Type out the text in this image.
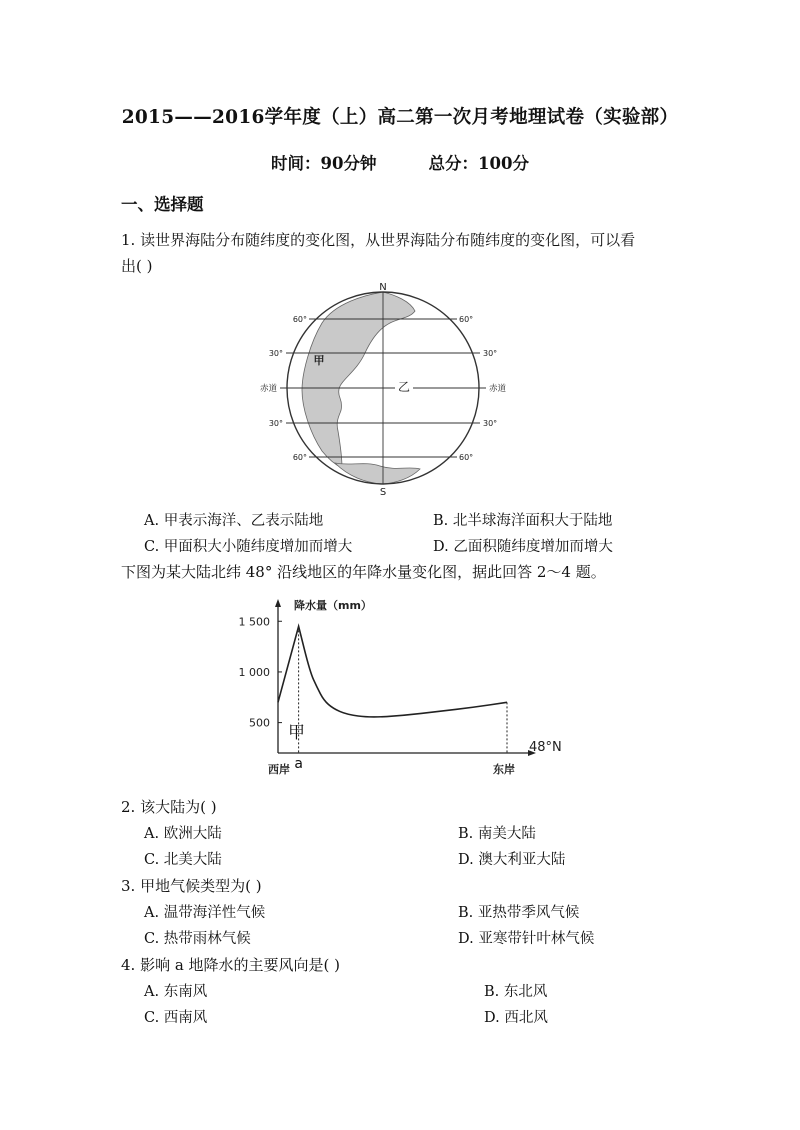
2015——2016学年度（上）高二第一次月考地理试卷（实验部）
时间：90分钟	总分：100分
一、选择题
1. 读世界海陆分布随纬度的变化图，从世界海陆分布随纬度的变化图，可以看
出( )
N
S
60°	60°
30°	30°
赤道	赤道
30°	30°
60°	60°
甲
乙
A. 甲表示海洋、乙表示陆地	B. 北半球海洋面积大于陆地
C. 甲面积大小随纬度增加而增大	D. 乙面积随纬度增加而增大
下图为某大陆北纬 48° 沿线地区的年降水量变化图，据此回答 2～4 题。
降水量（mm）
1 500
1 000
500 甲
a
西岸	东岸
48°N
2. 该大陆为( )
A. 欧洲大陆	B. 南美大陆
C. 北美大陆	D. 澳大利亚大陆
3. 甲地气候类型为( )
A. 温带海洋性气候	B. 亚热带季风气候
C. 热带雨林气候	D. 亚寒带针叶林气候
4. 影响 a 地降水的主要风向是( )
A. 东南风	B. 东北风
C. 西南风	D. 西北风
